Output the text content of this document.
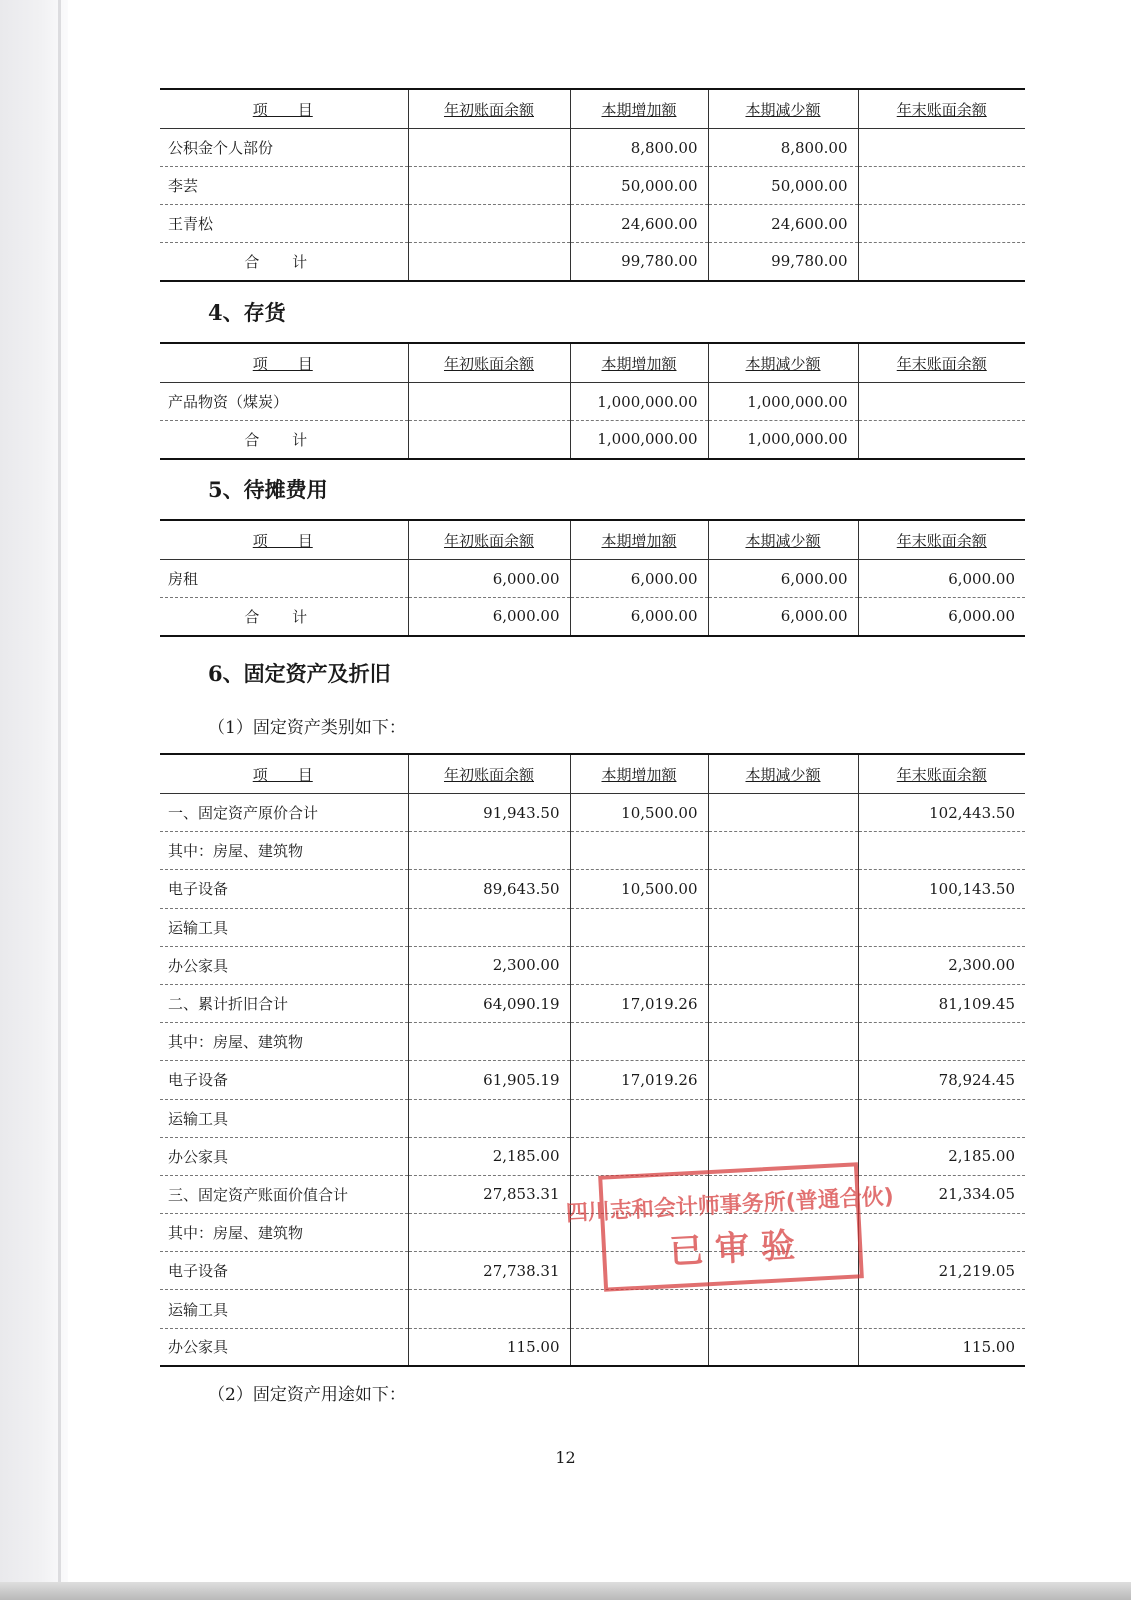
项　　目	年初账面余额	本期增加额	本期减少额	年末账面余额
公积金个人部份		8,800.00	8,800.00	
李芸		50,000.00	50,000.00	
王青松		24,600.00	24,600.00	
合 计		99,780.00	99,780.00	
4、存货
项　　目	年初账面余额	本期增加额	本期减少额	年末账面余额
产品物资（煤炭）		1,000,000.00	1,000,000.00	
合 计		1,000,000.00	1,000,000.00	
5、待摊费用
项　　目	年初账面余额	本期增加额	本期减少额	年末账面余额
房租	6,000.00	6,000.00	6,000.00	6,000.00
合 计	6,000.00	6,000.00	6,000.00	6,000.00
6、固定资产及折旧
（1）固定资产类别如下：
项　　目	年初账面余额	本期增加额	本期减少额	年末账面余额
一、固定资产原价合计	91,943.50	10,500.00		102,443.50
其中：房屋、建筑物				
电子设备	89,643.50	10,500.00		100,143.50
运输工具				
办公家具	2,300.00			2,300.00
二、累计折旧合计	64,090.19	17,019.26		81,109.45
其中：房屋、建筑物				
电子设备	61,905.19	17,019.26		78,924.45
运输工具				
办公家具	2,185.00			2,185.00
三、固定资产账面价值合计	27,853.31			21,334.05
其中：房屋、建筑物				
电子设备	27,738.31			21,219.05
运输工具				
办公家具	115.00			115.00
（2）固定资产用途如下：
四川志和会计师事务所(普通合伙)
已 审 验
12
